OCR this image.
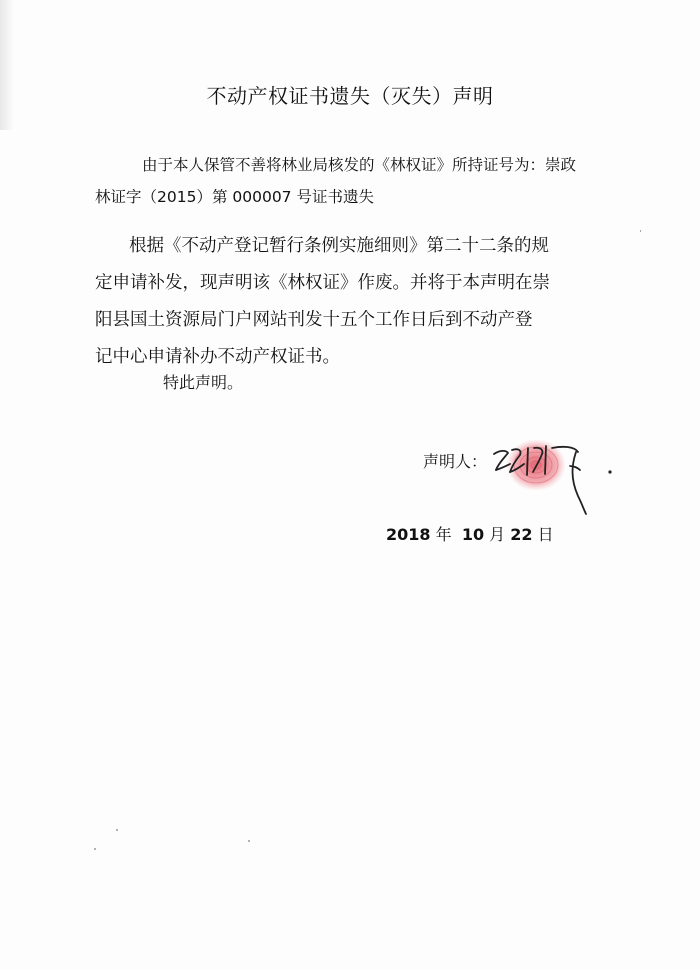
不动产权证书遗失（灭失）声明
由于本人保管不善将林业局核发的《林权证》所持证号为：崇政
林证字（2015）第 000007 号证书遗失
根据《不动产登记暂行条例实施细则》第二十二条的规
定申请补发，现声明该《林权证》作废。并将于本声明在崇
阳县国土资源局门户网站刊发十五个工作日后到不动产登
记中心申请补办不动产权证书。
特此声明。
声明人：
2018 年 10 月 22 日
